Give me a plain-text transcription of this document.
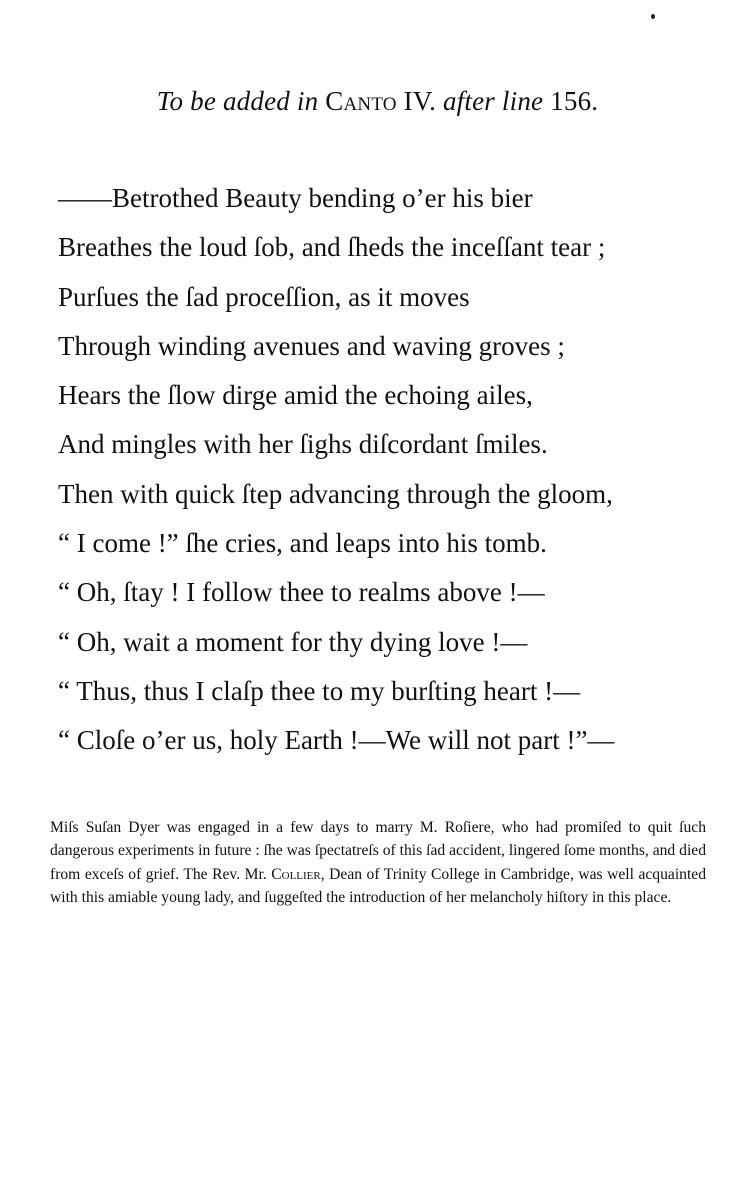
To be added in Canto IV. after line 156.
——Betrothed Beauty bending o’er his bier
Breathes the loud ſob, and ſheds the inceſſant tear ;
Purſues the ſad proceſſion, as it moves
Through winding avenues and waving groves ;
Hears the ſlow dirge amid the echoing ailes,
And mingles with her ſighs diſcordant ſmiles.
Then with quick ſtep advancing through the gloom,
“ I come !” ſhe cries, and leaps into his tomb.
“ Oh, ſtay ! I follow thee to realms above !—
“ Oh, wait a moment for thy dying love !—
“ Thus, thus I claſp thee to my burſting heart !—
“ Cloſe o’er us, holy Earth !—We will not part !”—
Miſs Suſan Dyer was engaged in a few days to marry M. Roſiere, who had promiſed to quit ſuch dangerous experiments in future : ſhe was ſpectatreſs of this ſad accident, lingered ſome months, and died from exceſs of grief. The Rev. Mr. Collier, Dean of Trinity College in Cambridge, was well acquainted with this amiable young lady, and ſuggeſted the introduction of her melancholy hiſtory in this place.
